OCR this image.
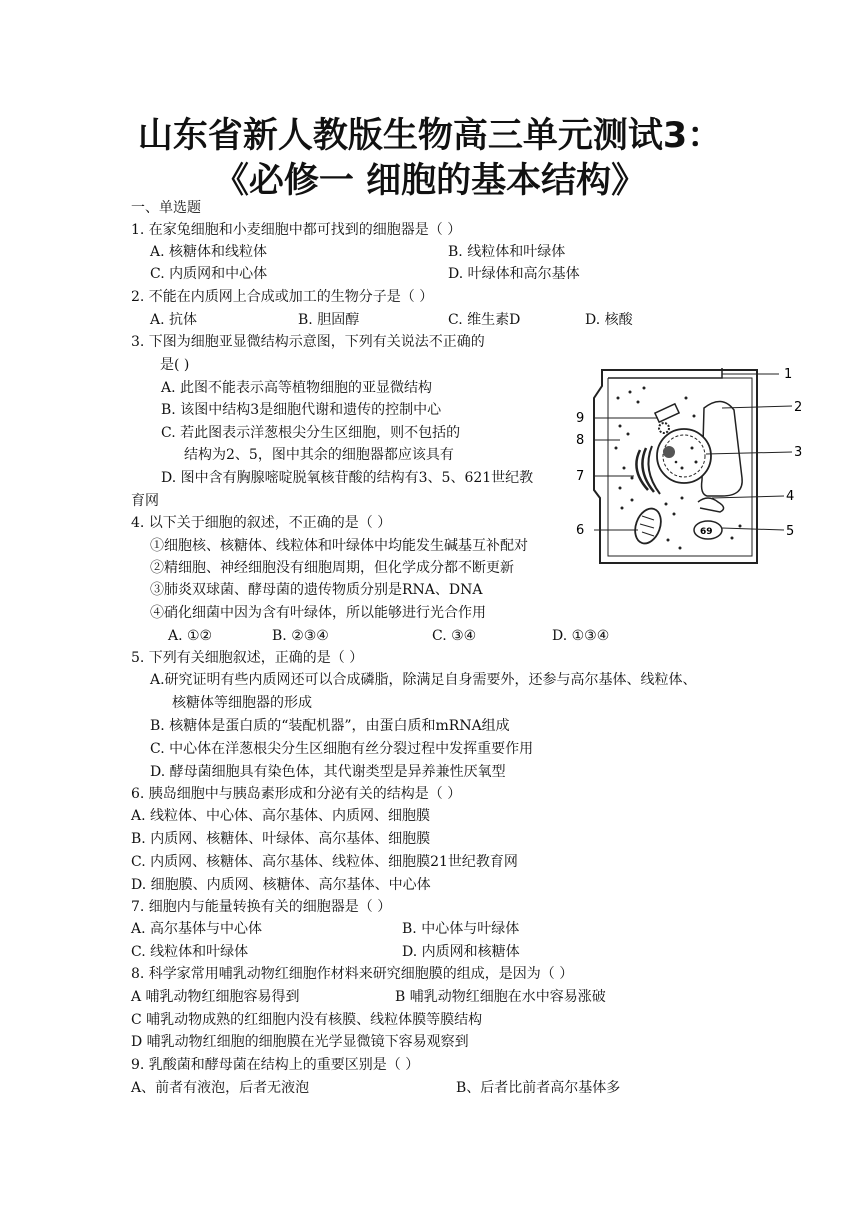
山东省新人教版生物高三单元测试3：
《必修一 细胞的基本结构》
一、单选题
1. 在家兔细胞和小麦细胞中都可找到的细胞器是（ ）
A. 核糖体和线粒体	B. 线粒体和叶绿体
C. 内质网和中心体	D. 叶绿体和高尔基体
2. 不能在内质网上合成或加工的生物分子是（ ）
A. 抗体	B. 胆固醇	C. 维生素D	D. 核酸
3. 下图为细胞亚显微结构示意图，下列有关说法不正确的
是( )
A. 此图不能表示高等植物细胞的亚显微结构
B. 该图中结构3是细胞代谢和遗传的控制中心
C. 若此图表示洋葱根尖分生区细胞，则不包括的
结构为2、5，图中其余的细胞器都应该具有
D. 图中含有胸腺嘧啶脱氧核苷酸的结构有3、5、621世纪教
育网
69
1
2
3
4
5
6
7
8
9
4. 以下关于细胞的叙述，不正确的是（ ）
①细胞核、核糖体、线粒体和叶绿体中均能发生碱基互补配对
②精细胞、神经细胞没有细胞周期，但化学成分都不断更新
③肺炎双球菌、酵母菌的遗传物质分别是RNA、DNA
④硝化细菌中因为含有叶绿体，所以能够进行光合作用
A. ①②	B. ②③④	C. ③④	D. ①③④
5. 下列有关细胞叙述，正确的是（ ）
A.研究证明有些内质网还可以合成磷脂，除满足自身需要外，还参与高尔基体、线粒体、
核糖体等细胞器的形成
B. 核糖体是蛋白质的“装配机器”，由蛋白质和mRNA组成
C. 中心体在洋葱根尖分生区细胞有丝分裂过程中发挥重要作用
D. 酵母菌细胞具有染色体，其代谢类型是异养兼性厌氧型
6. 胰岛细胞中与胰岛素形成和分泌有关的结构是（ ）
A. 线粒体、中心体、高尔基体、内质网、细胞膜
B. 内质网、核糖体、叶绿体、高尔基体、细胞膜
C. 内质网、核糖体、高尔基体、线粒体、细胞膜21世纪教育网
D. 细胞膜、内质网、核糖体、高尔基体、中心体
7. 细胞内与能量转换有关的细胞器是（ ）
A. 高尔基体与中心体	B. 中心体与叶绿体
C. 线粒体和叶绿体	D. 内质网和核糖体
8. 科学家常用哺乳动物红细胞作材料来研究细胞膜的组成，是因为（ ）
A 哺乳动物红细胞容易得到	B 哺乳动物红细胞在水中容易涨破
C 哺乳动物成熟的红细胞内没有核膜、线粒体膜等膜结构
D 哺乳动物红细胞的细胞膜在光学显微镜下容易观察到
9. 乳酸菌和酵母菌在结构上的重要区别是（ ）
A、前者有液泡，后者无液泡	B、后者比前者高尔基体多
